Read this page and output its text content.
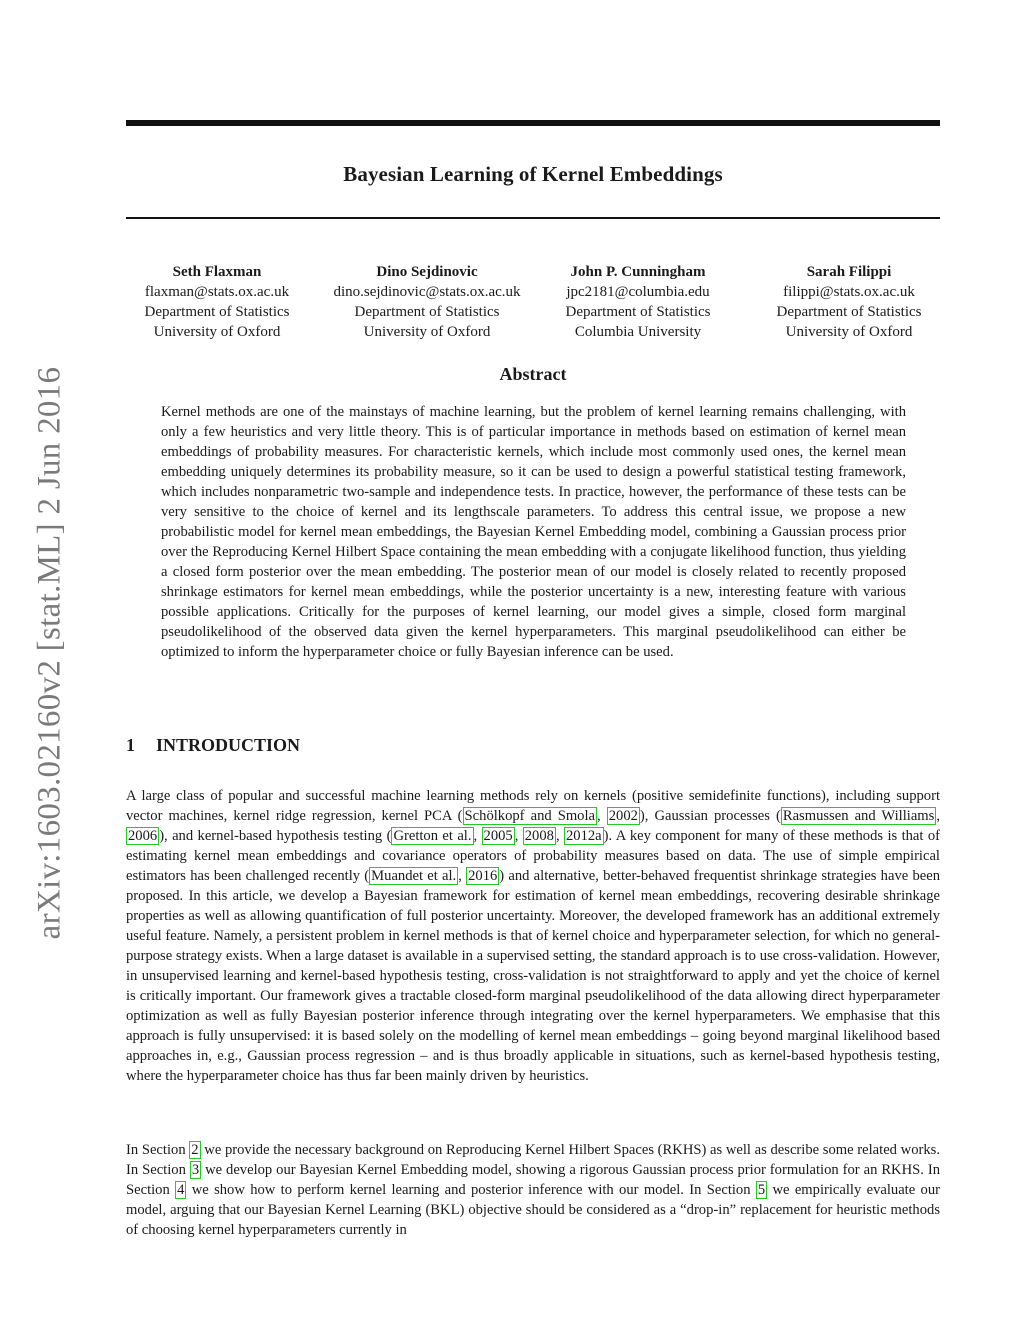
Bayesian Learning of Kernel Embeddings
arXiv:1603.02160v2 [stat.ML] 2 Jun 2016
Seth Flaxman
flaxman@stats.ox.ac.uk
Department of Statistics
University of Oxford
Dino Sejdinovic
dino.sejdinovic@stats.ox.ac.uk
Department of Statistics
University of Oxford
John P. Cunningham
jpc2181@columbia.edu
Department of Statistics
Columbia University
Sarah Filippi
filippi@stats.ox.ac.uk
Department of Statistics
University of Oxford
Abstract
Kernel methods are one of the mainstays of machine learning, but the problem of kernel learning remains challenging, with only a few heuristics and very little theory. This is of particular importance in methods based on estimation of kernel mean embeddings of probability measures. For characteristic kernels, which include most commonly used ones, the kernel mean embedding uniquely determines its probability measure, so it can be used to design a powerful statistical testing framework, which includes nonparametric two-sample and independence tests. In practice, however, the performance of these tests can be very sensitive to the choice of kernel and its lengthscale parameters. To address this central issue, we propose a new probabilistic model for kernel mean embeddings, the Bayesian Kernel Embedding model, combining a Gaussian process prior over the Reproducing Kernel Hilbert Space containing the mean embedding with a conjugate likelihood function, thus yielding a closed form posterior over the mean embedding. The posterior mean of our model is closely related to recently proposed shrinkage estimators for kernel mean embeddings, while the posterior uncertainty is a new, interesting feature with various possible applications. Critically for the purposes of kernel learning, our model gives a simple, closed form marginal pseudolikelihood of the observed data given the kernel hyperparameters. This marginal pseudolikelihood can either be optimized to inform the hyperparameter choice or fully Bayesian inference can be used.
1 INTRODUCTION

A large class of popular and successful machine learning methods rely on kernels (positive semidefinite functions), including support vector machines, kernel ridge regression, kernel PCA ( Schölkopf and Smola , 2002 ), Gaussian processes ( Rasmussen and Williams , 2006 ), and kernel-based hypothesis testing ( Gretton et al. , 2005 , 2008 , 2012a ). A key component for many of these methods is that of estimating kernel mean embeddings and covariance operators of probability measures based on data. The use of simple empirical estimators has been challenged recently ( Muandet et al. , 2016 ) and alternative, better-behaved frequentist shrinkage strategies have been proposed. In this article, we develop a Bayesian framework for estimation of kernel mean embeddings, recovering desirable shrinkage properties as well as allowing quantification of full posterior uncertainty. Moreover, the developed framework has an additional extremely useful feature. Namely, a persistent problem in kernel methods is that of kernel choice and hyperparameter selection, for which no general-purpose strategy exists. When a large dataset is available in a supervised setting, the standard approach is to use cross-validation. However, in unsupervised learning and kernel-based hypothesis testing, cross-validation is not straightforward to apply and yet the choice of kernel is critically important. Our framework gives a tractable closed-form marginal pseudolikelihood of the data allowing direct hyperparameter optimization as well as fully Bayesian posterior inference through integrating over the kernel hyperparameters. We emphasise that this approach is fully unsupervised: it is based solely on the modelling of kernel mean embeddings – going beyond marginal likelihood based approaches in, e.g., Gaussian process regression – and is thus broadly applicable in situations, such as kernel-based hypothesis testing, where the hyperparameter choice has thus far been mainly driven by heuristics.

In Section 2 we provide the necessary background on Reproducing Kernel Hilbert Spaces (RKHS) as well as describe some related works. In Section 3 we develop our Bayesian Kernel Embedding model, showing a rigorous Gaussian process prior formulation for an RKHS. In Section 4 we show how to perform kernel learning and posterior inference with our model. In Section 5 we empirically evaluate our model, arguing that our Bayesian Kernel Learning (BKL) objective should be considered as a “drop-in” replacement for heuristic methods of choosing kernel hyperparameters currently in
